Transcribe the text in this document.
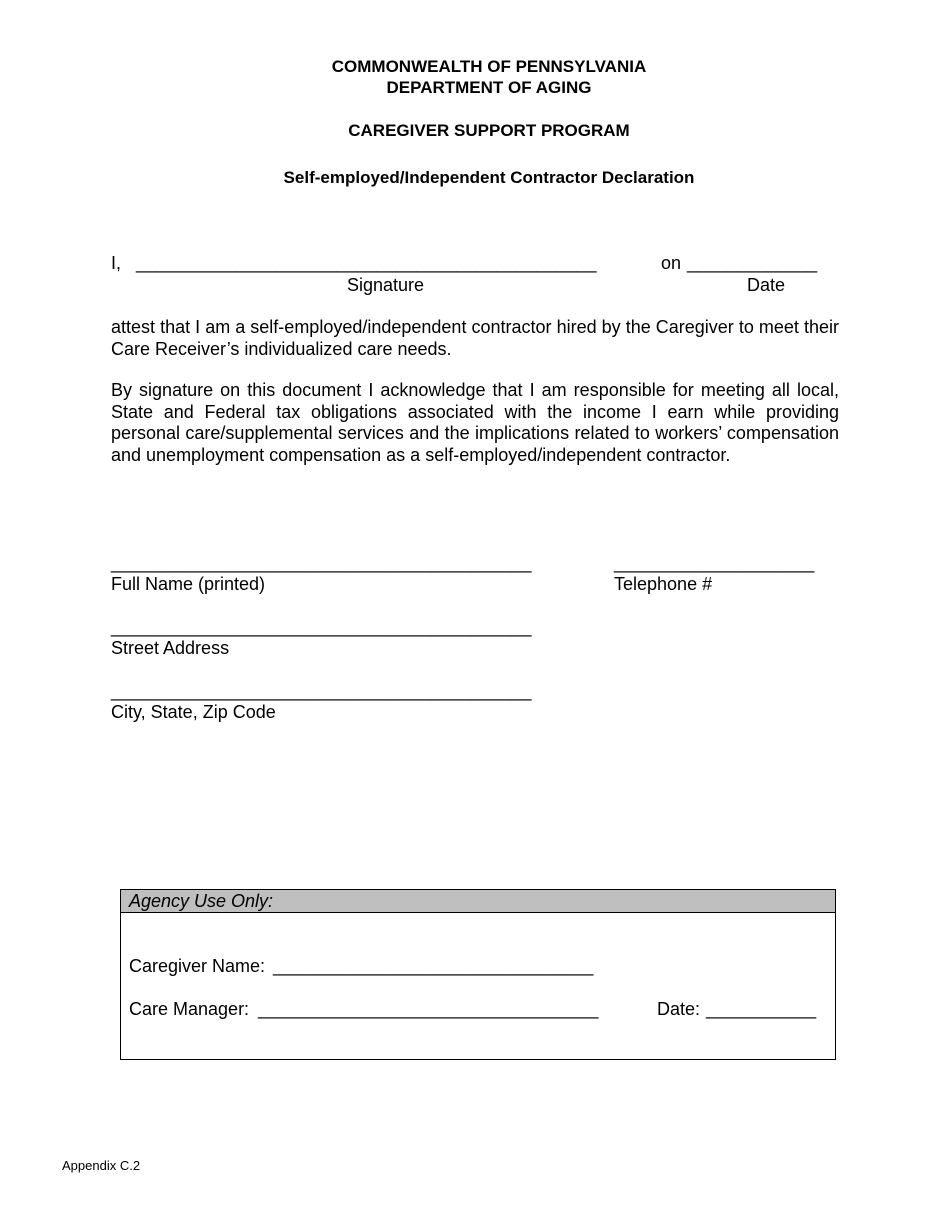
COMMONWEALTH OF PENNSYLVANIA
DEPARTMENT OF AGING
CAREGIVER SUPPORT PROGRAM
Self-employed/Independent Contractor Declaration
I, ______________________________________________	on _____________
Signature	Date
attest that I am a self-employed/independent contractor hired by the Caregiver to meet their Care Receiver’s individualized care needs.
By signature on this document I acknowledge that I am responsible for meeting all local, State and Federal tax obligations associated with the income I earn while providing personal care/supplemental services and the implications related to workers’ compensation and unemployment compensation as a self-employed/independent contractor.
__________________________________________
Full Name (printed)
____________________
Telephone #
__________________________________________
Street Address
__________________________________________
City, State, Zip Code
Agency Use Only:
Caregiver Name: ________________________________
Care Manager: __________________________________	Date: ___________
Appendix C.2
